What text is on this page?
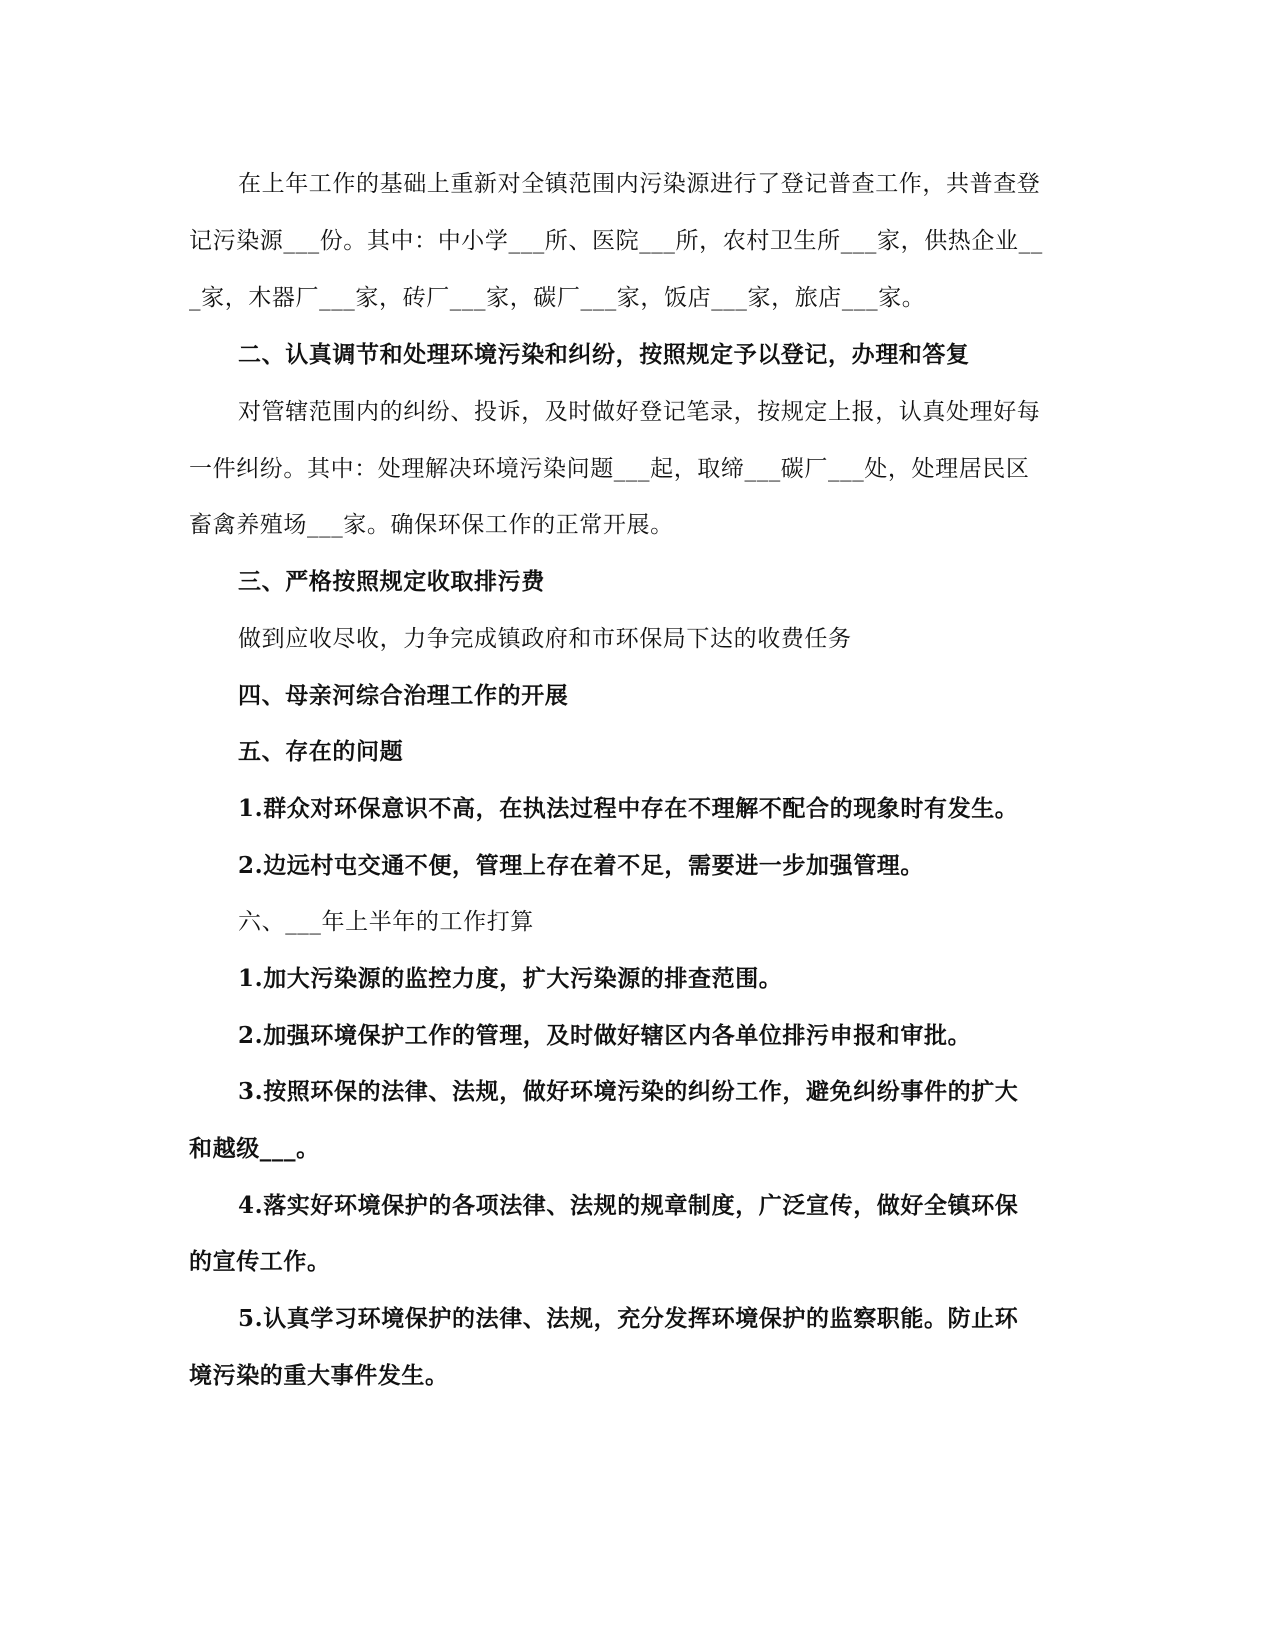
在上年工作的基础上重新对全镇范围内污染源进行了登记普查工作，共普查登
记污染源___份。其中：中小学___所、医院___所，农村卫生所___家，供热企业__
_家，木器厂___家，砖厂___家，碳厂___家，饭店___家，旅店___家。
二、认真调节和处理环境污染和纠纷，按照规定予以登记，办理和答复
对管辖范围内的纠纷、投诉，及时做好登记笔录，按规定上报，认真处理好每
一件纠纷。其中：处理解决环境污染问题___起，取缔___碳厂___处，处理居民区
畜禽养殖场___家。确保环保工作的正常开展。
三、严格按照规定收取排污费
做到应收尽收，力争完成镇政府和市环保局下达的收费任务
四、母亲河综合治理工作的开展
五、存在的问题
1.群众对环保意识不高，在执法过程中存在不理解不配合的现象时有发生。
2.边远村屯交通不便，管理上存在着不足，需要进一步加强管理。
六、___年上半年的工作打算
1.加大污染源的监控力度，扩大污染源的排查范围。
2.加强环境保护工作的管理，及时做好辖区内各单位排污申报和审批。
3.按照环保的法律、法规，做好环境污染的纠纷工作，避免纠纷事件的扩大
和越级___。
4.落实好环境保护的各项法律、法规的规章制度，广泛宣传，做好全镇环保
的宣传工作。
5.认真学习环境保护的法律、法规，充分发挥环境保护的监察职能。防止环
境污染的重大事件发生。
